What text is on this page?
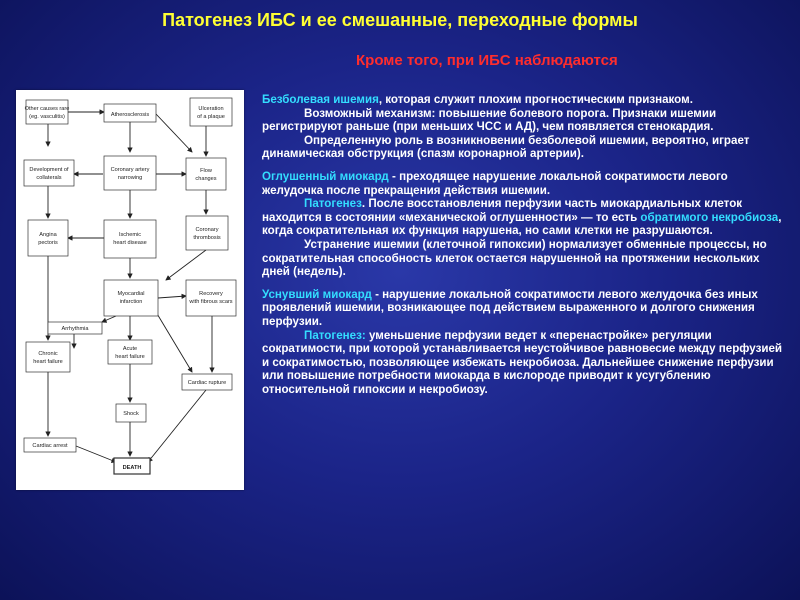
Патогенез ИБС и ее смешанные, переходные формы
Кроме того, при ИБС наблюдаются
Other causes rare
(eg. vasculitis)	Atherosclerosis
Ulceration
of a plaque
Development of
collaterals
Coronary artery
narrowing
Flow
changes
Angina
pectoris
Ischemic
heart disease
Coronary
thrombosis
Myocardial
infarction
Recovery
with fibrous scars
Arrhythmia
Chronic
heart failure
Acute
heart failure
Cardiac rupture
Shock
Cardiac arrest
DEATH

Безболевая ишемия, которая служит плохим прогностическим признаком.

Возможный механизм: повышение болевого порога. Признаки ишемии регистрируют раньше (при меньших ЧСС и АД), чем появляется стенокардия.

Определенную роль в возникновении безболевой ишемии, вероятно, играет динамическая обструкция (спазм коронарной артерии).

Оглушенный миокард - преходящее нарушение локальной сократимости левого желудочка после прекращения действия ишемии.

Патогенез. После восстановления перфузии часть миокардиальных клеток находится в состоянии «механической оглушенности» — то есть обратимого некробиоза, когда сократительная их функция нарушена, но сами клетки не разрушаются.

Устранение ишемии (клеточной гипоксии) нормализует обменные процессы, но сократительная способность клеток остается нарушенной на протяжении нескольких дней (недель).

Уснувший миокард - нарушение локальной сократимости левого желудочка без иных проявлений ишемии, возникающее под действием выраженного и долгого снижения перфузии.

Патогенез: уменьшение перфузии ведет к «перенастройке» регуляции сократимости, при которой устанавливается неустойчивое равновесие между перфузией и сократимостью, позволяющее избежать некробиоза. Дальнейшее снижение перфузии или повышение потребности миокарда в кислороде приводит к усугублению относительной гипоксии и некробиозу.
